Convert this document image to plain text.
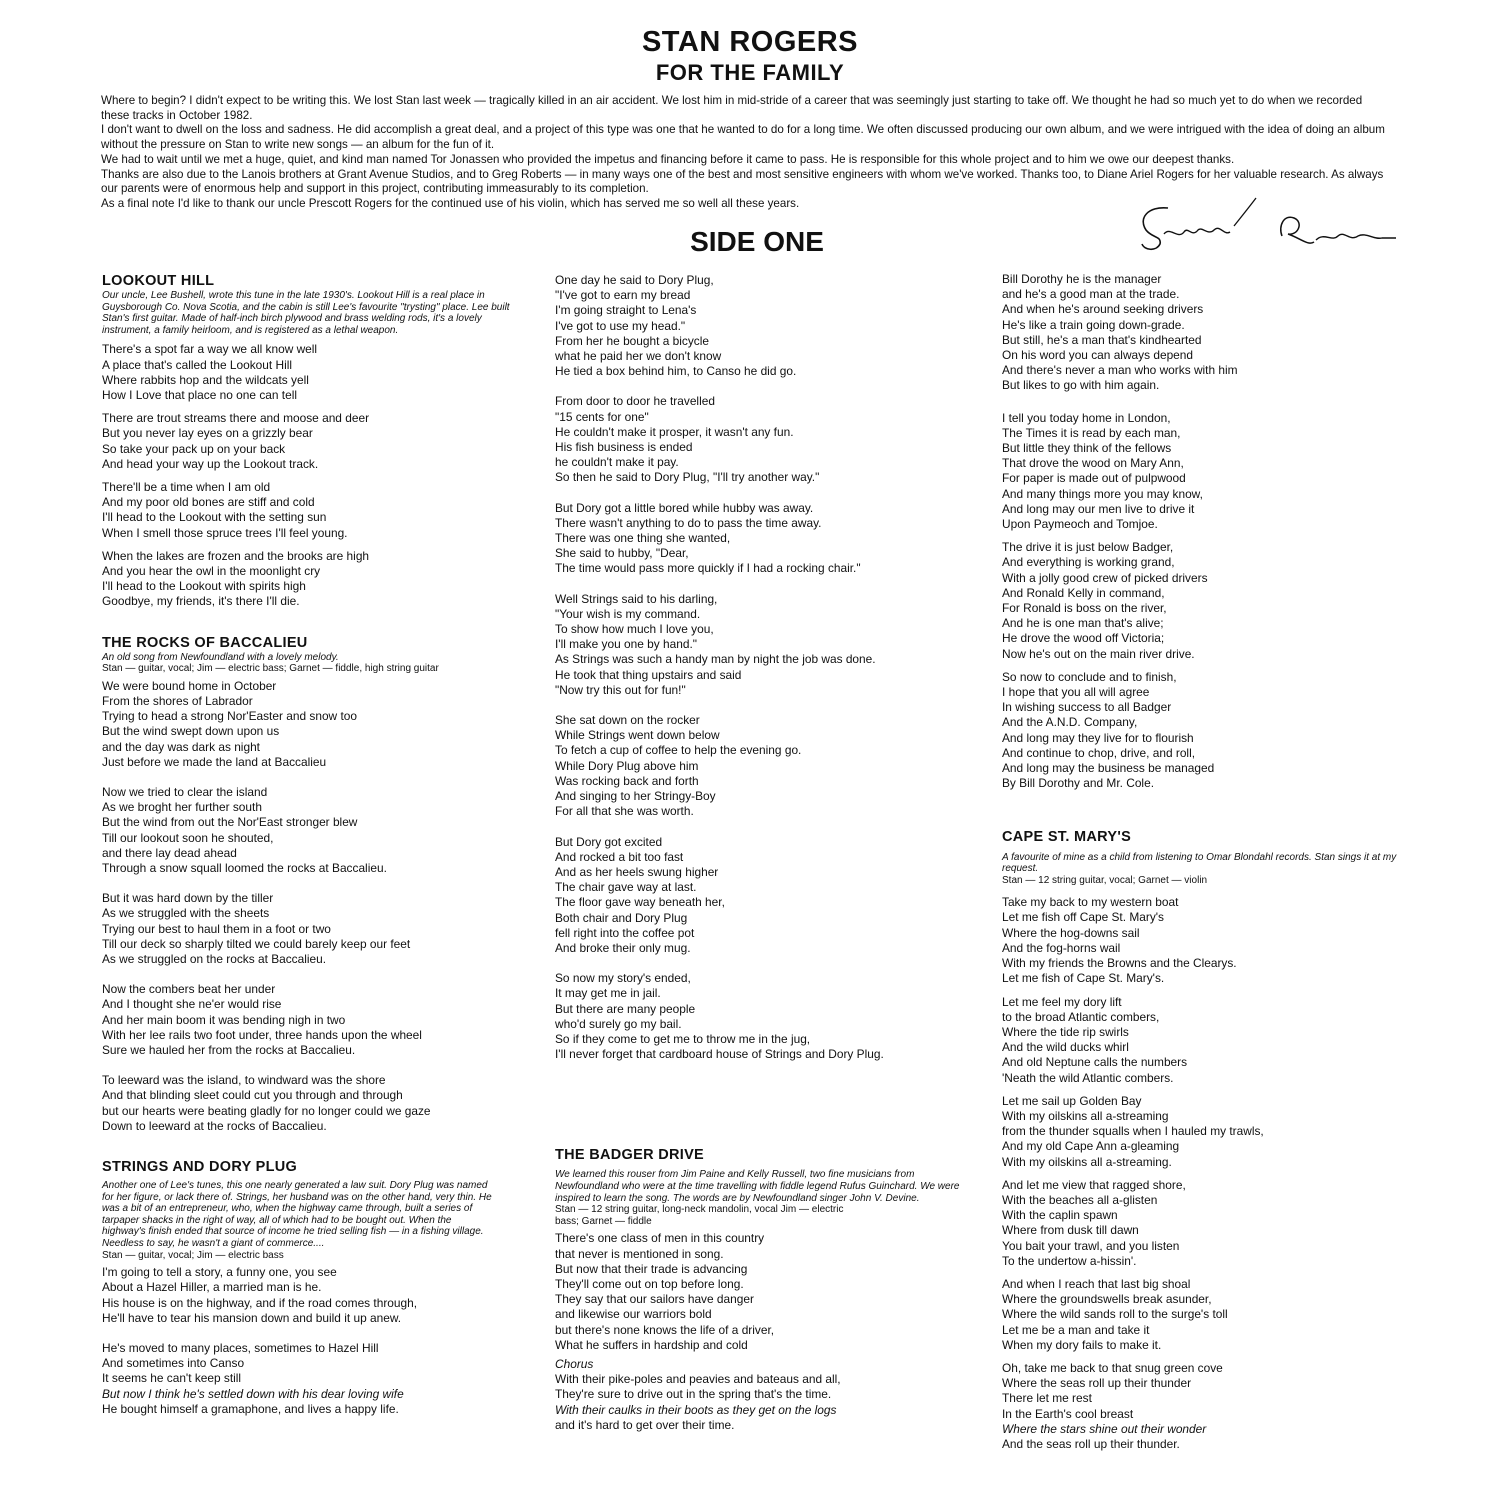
STAN ROGERS
FOR THE FAMILY

Where to begin? I didn't expect to be writing this. We lost Stan last week — tragically killed in an air accident. We lost him in mid-stride of a career that was seemingly just starting to take off. We thought he had so much yet to do when we recorded these tracks in October 1982.

I don't want to dwell on the loss and sadness. He did accomplish a great deal, and a project of this type was one that he wanted to do for a long time. We often discussed producing our own album, and we were intrigued with the idea of doing an album without the pressure on Stan to write new songs — an album for the fun of it.

We had to wait until we met a huge, quiet, and kind man named Tor Jonassen who provided the impetus and financing before it came to pass. He is responsible for this whole project and to him we owe our deepest thanks.

Thanks are also due to the Lanois brothers at Grant Avenue Studios, and to Greg Roberts — in many ways one of the best and most sensitive engineers with whom we've worked. Thanks too, to Diane Ariel Rogers for her valuable research. As always our parents were of enormous help and support in this project, contributing immeasurably to its completion.

As a final note I'd like to thank our uncle Prescott Rogers for the continued use of his violin, which has served me so well all these years.

SIDE ONE

LOOKOUT HILL

Our uncle, Lee Bushell, wrote this tune in the late 1930's. Lookout Hill is a real place in Guysborough Co. Nova Scotia, and the cabin is still Lee's favourite "trysting" place. Lee built Stan's first guitar. Made of half-inch birch plywood and brass welding rods, it's a lovely instrument, a family heirloom, and is registered as a lethal weapon.

There's a spot far a way we all know well
A place that's called the Lookout Hill
Where rabbits hop and the wildcats yell
How I Love that place no one can tell
There are trout streams there and moose and deer
But you never lay eyes on a grizzly bear
So take your pack up on your back
And head your way up the Lookout track.
There'll be a time when I am old
And my poor old bones are stiff and cold
I'll head to the Lookout with the setting sun
When I smell those spruce trees I'll feel young.
When the lakes are frozen and the brooks are high
And you hear the owl in the moonlight cry
I'll head to the Lookout with spirits high
Goodbye, my friends, it's there I'll die.

THE ROCKS OF BACCALIEU

An old song from Newfoundland with a lovely melody.

Stan — guitar, vocal; Jim — electric bass; Garnet — fiddle, high string guitar

We were bound home in October
From the shores of Labrador
Trying to head a strong Nor'Easter and snow too
But the wind swept down upon us
and the day was dark as night
Just before we made the land at Baccalieu
Now we tried to clear the island
As we broght her further south
But the wind from out the Nor'East stronger blew
Till our lookout soon he shouted,
and there lay dead ahead
Through a snow squall loomed the rocks at Baccalieu.
But it was hard down by the tiller
As we struggled with the sheets
Trying our best to haul them in a foot or two
Till our deck so sharply tilted we could barely keep our feet
As we struggled on the rocks at Baccalieu.
Now the combers beat her under
And I thought she ne'er would rise
And her main boom it was bending nigh in two
With her lee rails two foot under, three hands upon the wheel
Sure we hauled her from the rocks at Baccalieu.
To leeward was the island, to windward was the shore
And that blinding sleet could cut you through and through
but our hearts were beating gladly for no longer could we gaze
Down to leeward at the rocks of Baccalieu.

STRINGS AND DORY PLUG

Another one of Lee's tunes, this one nearly generated a law suit. Dory Plug was named for her figure, or lack there of. Strings, her husband was on the other hand, very thin. He was a bit of an entrepreneur, who, when the highway came through, built a series of tarpaper shacks in the right of way, all of which had to be bought out. When the highway's finish ended that source of income he tried selling fish — in a fishing village. Needless to say, he wasn't a giant of commerce....

Stan — guitar, vocal; Jim — electric bass

I'm going to tell a story, a funny one, you see
About a Hazel Hiller, a married man is he.
His house is on the highway, and if the road comes through,
He'll have to tear his mansion down and build it up anew.
He's moved to many places, sometimes to Hazel Hill
And sometimes into Canso
It seems he can't keep still
But now I think he's settled down with his dear loving wife
He bought himself a gramaphone, and lives a happy life.
One day he said to Dory Plug,
"I've got to earn my bread
I'm going straight to Lena's
I've got to use my head."
From her he bought a bicycle
what he paid her we don't know
He tied a box behind him, to Canso he did go.
From door to door he travelled
"15 cents for one"
He couldn't make it prosper, it wasn't any fun.
His fish business is ended
he couldn't make it pay.
So then he said to Dory Plug, "I'll try another way."
But Dory got a little bored while hubby was away.
There wasn't anything to do to pass the time away.
There was one thing she wanted,
She said to hubby, "Dear,
The time would pass more quickly if I had a rocking chair."
Well Strings said to his darling,
"Your wish is my command.
To show how much I love you,
I'll make you one by hand."
As Strings was such a handy man by night the job was done.
He took that thing upstairs and said
"Now try this out for fun!"
She sat down on the rocker
While Strings went down below
To fetch a cup of coffee to help the evening go.
While Dory Plug above him
Was rocking back and forth
And singing to her Stringy-Boy
For all that she was worth.
But Dory got excited
And rocked a bit too fast
And as her heels swung higher
The chair gave way at last.
The floor gave way beneath her,
Both chair and Dory Plug
fell right into the coffee pot
And broke their only mug.
So now my story's ended,
It may get me in jail.
But there are many people
who'd surely go my bail.
So if they come to get me to throw me in the jug,
I'll never forget that cardboard house of Strings and Dory Plug.

THE BADGER DRIVE

We learned this rouser from Jim Paine and Kelly Russell, two fine musicians from Newfoundland who were at the time travelling with fiddle legend Rufus Guinchard. We were inspired to learn the song. The words are by Newfoundland singer John V. Devine.

Stan — 12 string guitar, long-neck mandolin, vocal Jim — electric bass; Garnet — fiddle

There's one class of men in this country
that never is mentioned in song.
But now that their trade is advancing
They'll come out on top before long.
They say that our sailors have danger
and likewise our warriors bold
but there's none knows the life of a driver,
What he suffers in hardship and cold
Chorus
With their pike-poles and peavies and bateaus and all,
They're sure to drive out in the spring that's the time.
With their caulks in their boots as they get on the logs
and it's hard to get over their time.
Bill Dorothy he is the manager
and he's a good man at the trade.
And when he's around seeking drivers
He's like a train going down-grade.
But still, he's a man that's kindhearted
On his word you can always depend
And there's never a man who works with him
But likes to go with him again.
I tell you today home in London,
The Times it is read by each man,
But little they think of the fellows
That drove the wood on Mary Ann,
For paper is made out of pulpwood
And many things more you may know,
And long may our men live to drive it
Upon Paymeoch and Tomjoe.
The drive it is just below Badger,
And everything is working grand,
With a jolly good crew of picked drivers
And Ronald Kelly in command,
For Ronald is boss on the river,
And he is one man that's alive;
He drove the wood off Victoria;
Now he's out on the main river drive.
So now to conclude and to finish,
I hope that you all will agree
In wishing success to all Badger
And the A.N.D. Company,
And long may they live for to flourish
And continue to chop, drive, and roll,
And long may the business be managed
By Bill Dorothy and Mr. Cole.

CAPE ST. MARY'S

A favourite of mine as a child from listening to Omar Blondahl records. Stan sings it at my request.

Stan — 12 string guitar, vocal; Garnet — violin

Take my back to my western boat
Let me fish off Cape St. Mary's
Where the hog-downs sail
And the fog-horns wail
With my friends the Browns and the Clearys.
Let me fish of Cape St. Mary's.
Let me feel my dory lift
to the broad Atlantic combers,
Where the tide rip swirls
And the wild ducks whirl
And old Neptune calls the numbers
'Neath the wild Atlantic combers.
Let me sail up Golden Bay
With my oilskins all a-streaming
from the thunder squalls when I hauled my trawls,
And my old Cape Ann a-gleaming
With my oilskins all a-streaming.
And let me view that ragged shore,
With the beaches all a-glisten
With the caplin spawn
Where from dusk till dawn
You bait your trawl, and you listen
To the undertow a-hissin'.
And when I reach that last big shoal
Where the groundswells break asunder,
Where the wild sands roll to the surge's toll
Let me be a man and take it
When my dory fails to make it.
Oh, take me back to that snug green cove
Where the seas roll up their thunder
There let me rest
In the Earth's cool breast
Where the stars shine out their wonder
And the seas roll up their thunder.
